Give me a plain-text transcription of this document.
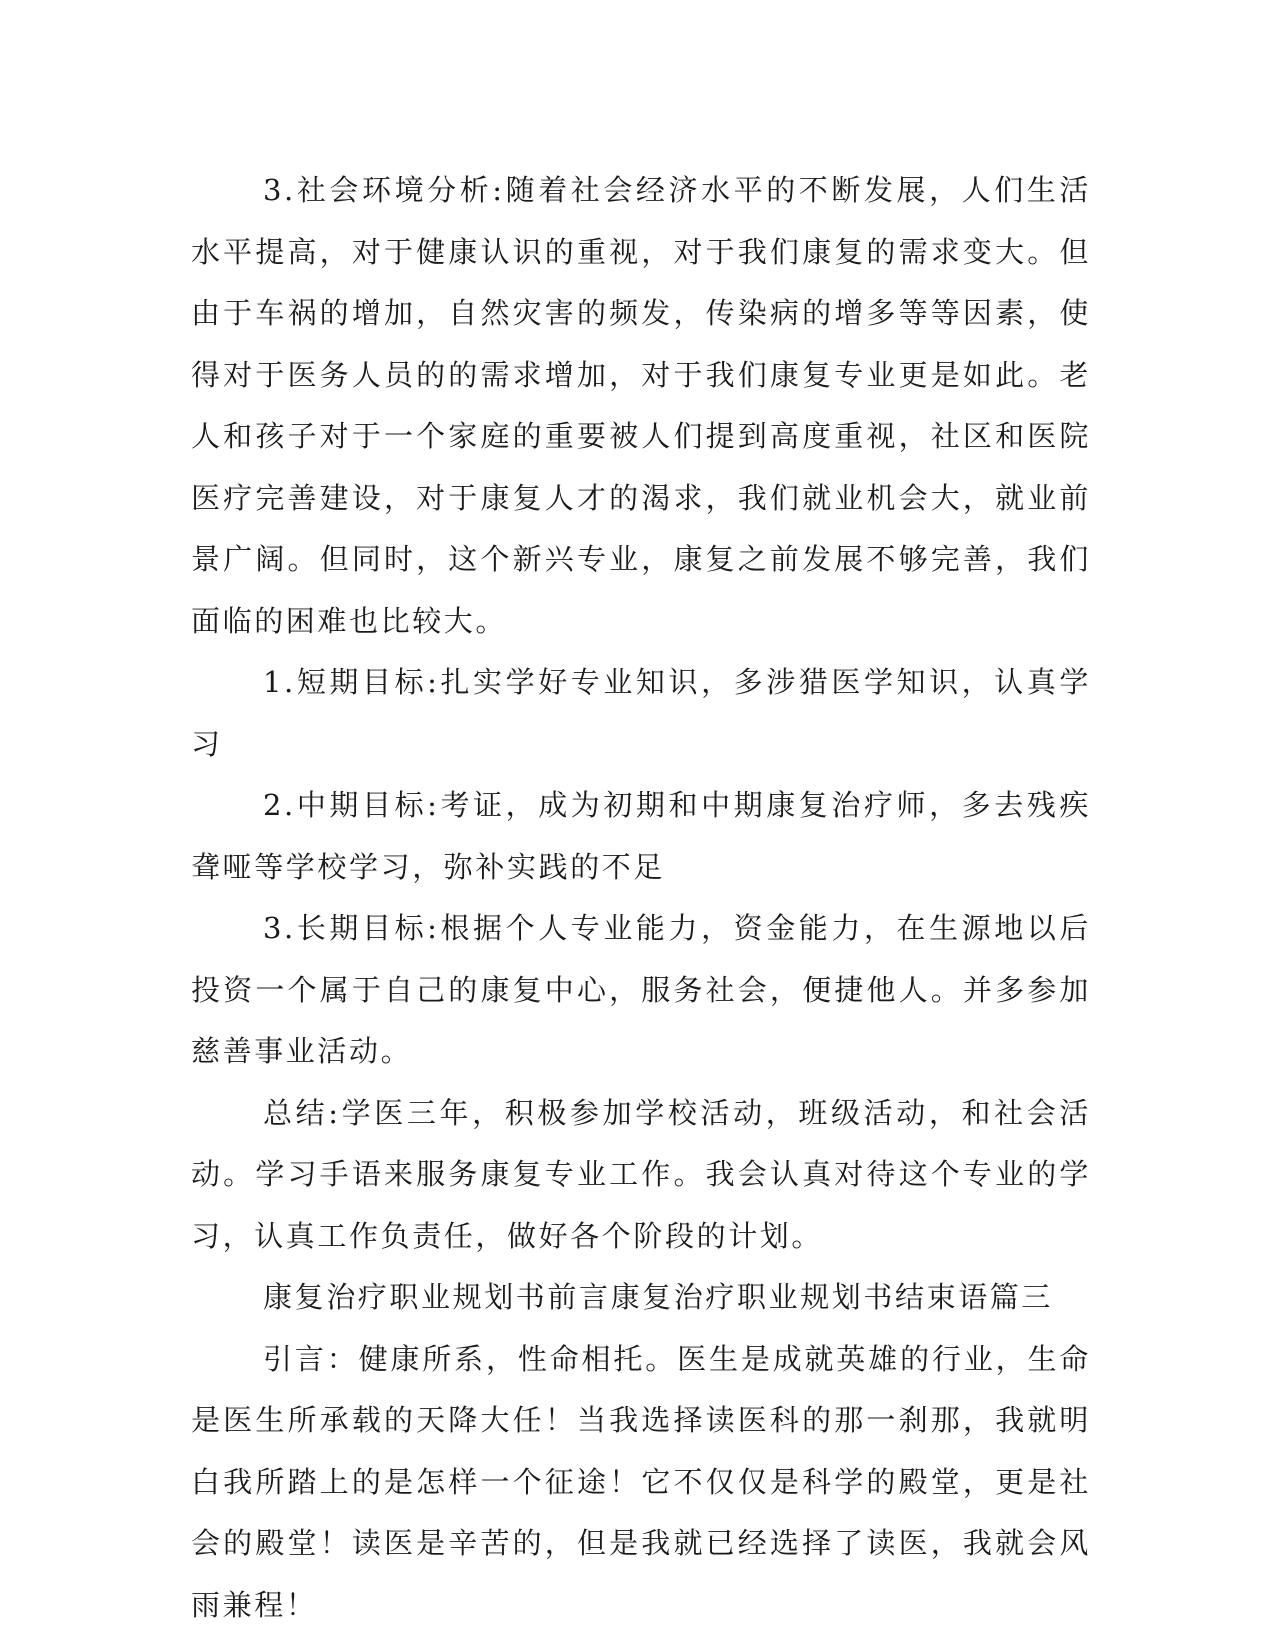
3.社会环境分析:随着社会经济水平的不断发展，人们生活水平提高，对于健康认识的重视，对于我们康复的需求变大。但由于车祸的增加，自然灾害的频发，传染病的增多等等因素，使得对于医务人员的的需求增加，对于我们康复专业更是如此。老人和孩子对于一个家庭的重要被人们提到高度重视，社区和医院医疗完善建设，对于康复人才的渴求，我们就业机会大，就业前景广阔。但同时，这个新兴专业，康复之前发展不够完善，我们面临的困难也比较大。

1.短期目标:扎实学好专业知识，多涉猎医学知识，认真学习

2.中期目标:考证，成为初期和中期康复治疗师，多去残疾聋哑等学校学习，弥补实践的不足

3.长期目标:根据个人专业能力，资金能力，在生源地以后投资一个属于自己的康复中心，服务社会，便捷他人。并多参加慈善事业活动。

总结:学医三年，积极参加学校活动，班级活动，和社会活动。学习手语来服务康复专业工作。我会认真对待这个专业的学习，认真工作负责任，做好各个阶段的计划。

康复治疗职业规划书前言康复治疗职业规划书结束语篇三

引言：健康所系，性命相托。医生是成就英雄的行业，生命是医生所承载的天降大任！当我选择读医科的那一刹那，我就明白我所踏上的是怎样一个征途！它不仅仅是科学的殿堂，更是社会的殿堂！读医是辛苦的，但是我就已经选择了读医，我就会风雨兼程！
